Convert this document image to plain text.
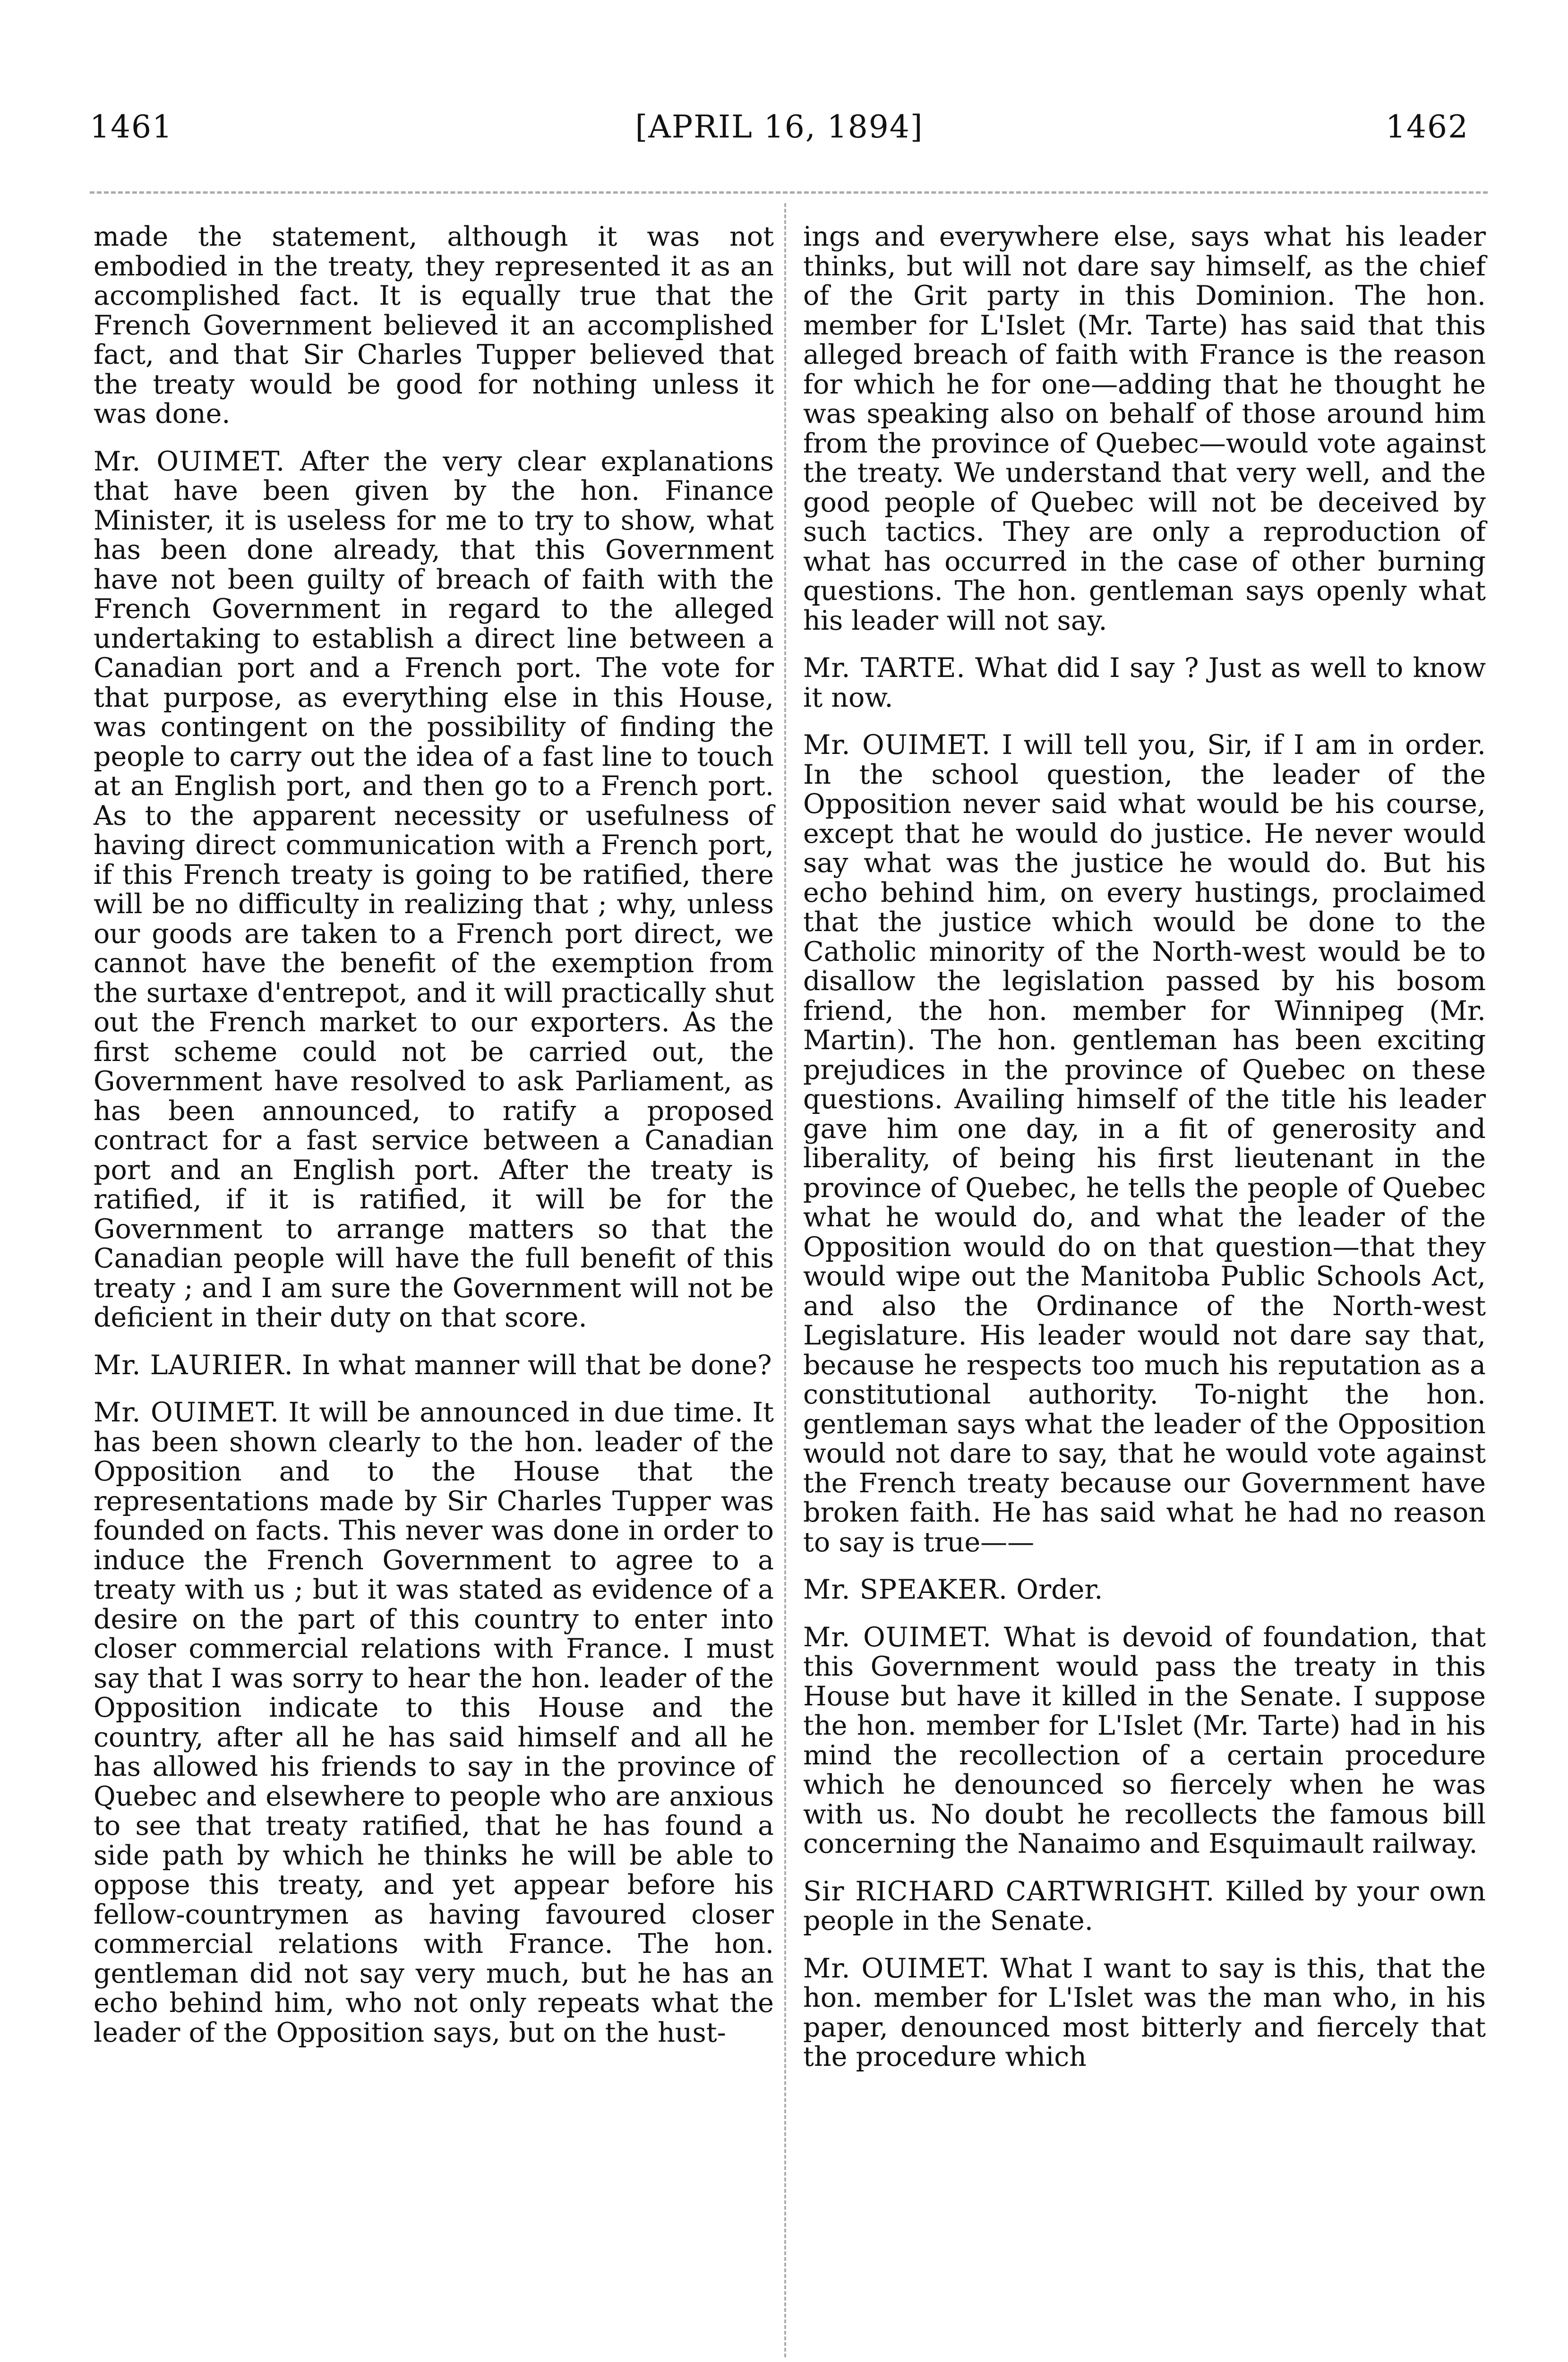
1461	[APRIL 16, 1894]	1462

made the statement, although it was not embodied in the treaty, they represented it as an accomplished fact. It is equally true that the French Government believed it an accomplished fact, and that Sir Charles Tupper believed that the treaty would be good for nothing unless it was done.

Mr. OUIMET. After the very clear explanations that have been given by the hon. Finance Minister, it is useless for me to try to show, what has been done already, that this Government have not been guilty of breach of faith with the French Government in regard to the alleged undertaking to establish a direct line between a Canadian port and a French port. The vote for that purpose, as everything else in this House, was contingent on the possibility of finding the people to carry out the idea of a fast line to touch at an English port, and then go to a French port. As to the apparent necessity or usefulness of having direct communication with a French port, if this French treaty is going to be ratified, there will be no difficulty in realizing that ; why, unless our goods are taken to a French port direct, we cannot have the benefit of the exemption from the surtaxe d'entrepot, and it will practically shut out the French market to our exporters. As the first scheme could not be carried out, the Government have resolved to ask Parliament, as has been announced, to ratify a proposed contract for a fast service between a Canadian port and an English port. After the treaty is ratified, if it is ratified, it will be for the Government to arrange matters so that the Canadian people will have the full benefit of this treaty ; and I am sure the Government will not be deficient in their duty on that score.

Mr. LAURIER. In what manner will that be done?

Mr. OUIMET. It will be announced in due time. It has been shown clearly to the hon. leader of the Opposition and to the House that the representations made by Sir Charles Tupper was founded on facts. This never was done in order to induce the French Government to agree to a treaty with us ; but it was stated as evidence of a desire on the part of this country to enter into closer commercial relations with France. I must say that I was sorry to hear the hon. leader of the Opposition indicate to this House and the country, after all he has said himself and all he has allowed his friends to say in the province of Quebec and elsewhere to people who are anxious to see that treaty ratified, that he has found a side path by which he thinks he will be able to oppose this treaty, and yet appear before his fellow-countrymen as having favoured closer commercial relations with France. The hon. gentleman did not say very much, but he has an echo behind him, who not only repeats what the leader of the Opposition says, but on the hust-

ings and everywhere else, says what his leader thinks, but will not dare say himself, as the chief of the Grit party in this Dominion. The hon. member for L'Islet (Mr. Tarte) has said that this alleged breach of faith with France is the reason for which he for one—adding that he thought he was speaking also on behalf of those around him from the province of Quebec—would vote against the treaty. We understand that very well, and the good people of Quebec will not be deceived by such tactics. They are only a reproduction of what has occurred in the case of other burning questions. The hon. gentleman says openly what his leader will not say.

Mr. TARTE. What did I say ? Just as well to know it now.

Mr. OUIMET. I will tell you, Sir, if I am in order. In the school question, the leader of the Opposition never said what would be his course, except that he would do justice. He never would say what was the justice he would do. But his echo behind him, on every hustings, proclaimed that the justice which would be done to the Catholic minority of the North-west would be to disallow the legislation passed by his bosom friend, the hon. member for Winnipeg (Mr. Martin). The hon. gentleman has been exciting prejudices in the province of Quebec on these questions. Availing himself of the title his leader gave him one day, in a fit of generosity and liberality, of being his first lieutenant in the province of Quebec, he tells the people of Quebec what he would do, and what the leader of the Opposition would do on that question—that they would wipe out the Manitoba Public Schools Act, and also the Ordinance of the North-west Legislature. His leader would not dare say that, because he respects too much his reputation as a constitutional authority. To-night the hon. gentleman says what the leader of the Opposition would not dare to say, that he would vote against the French treaty because our Government have broken faith. He has said what he had no reason to say is true——

Mr. SPEAKER. Order.

Mr. OUIMET. What is devoid of foundation, that this Government would pass the treaty in this House but have it killed in the Senate. I suppose the hon. member for L'Islet (Mr. Tarte) had in his mind the recollection of a certain procedure which he denounced so fiercely when he was with us. No doubt he recollects the famous bill concerning the Nanaimo and Esquimault railway.

Sir RICHARD CARTWRIGHT. Killed by your own people in the Senate.

Mr. OUIMET. What I want to say is this, that the hon. member for L'Islet was the man who, in his paper, denounced most bitterly and fiercely that the procedure which
